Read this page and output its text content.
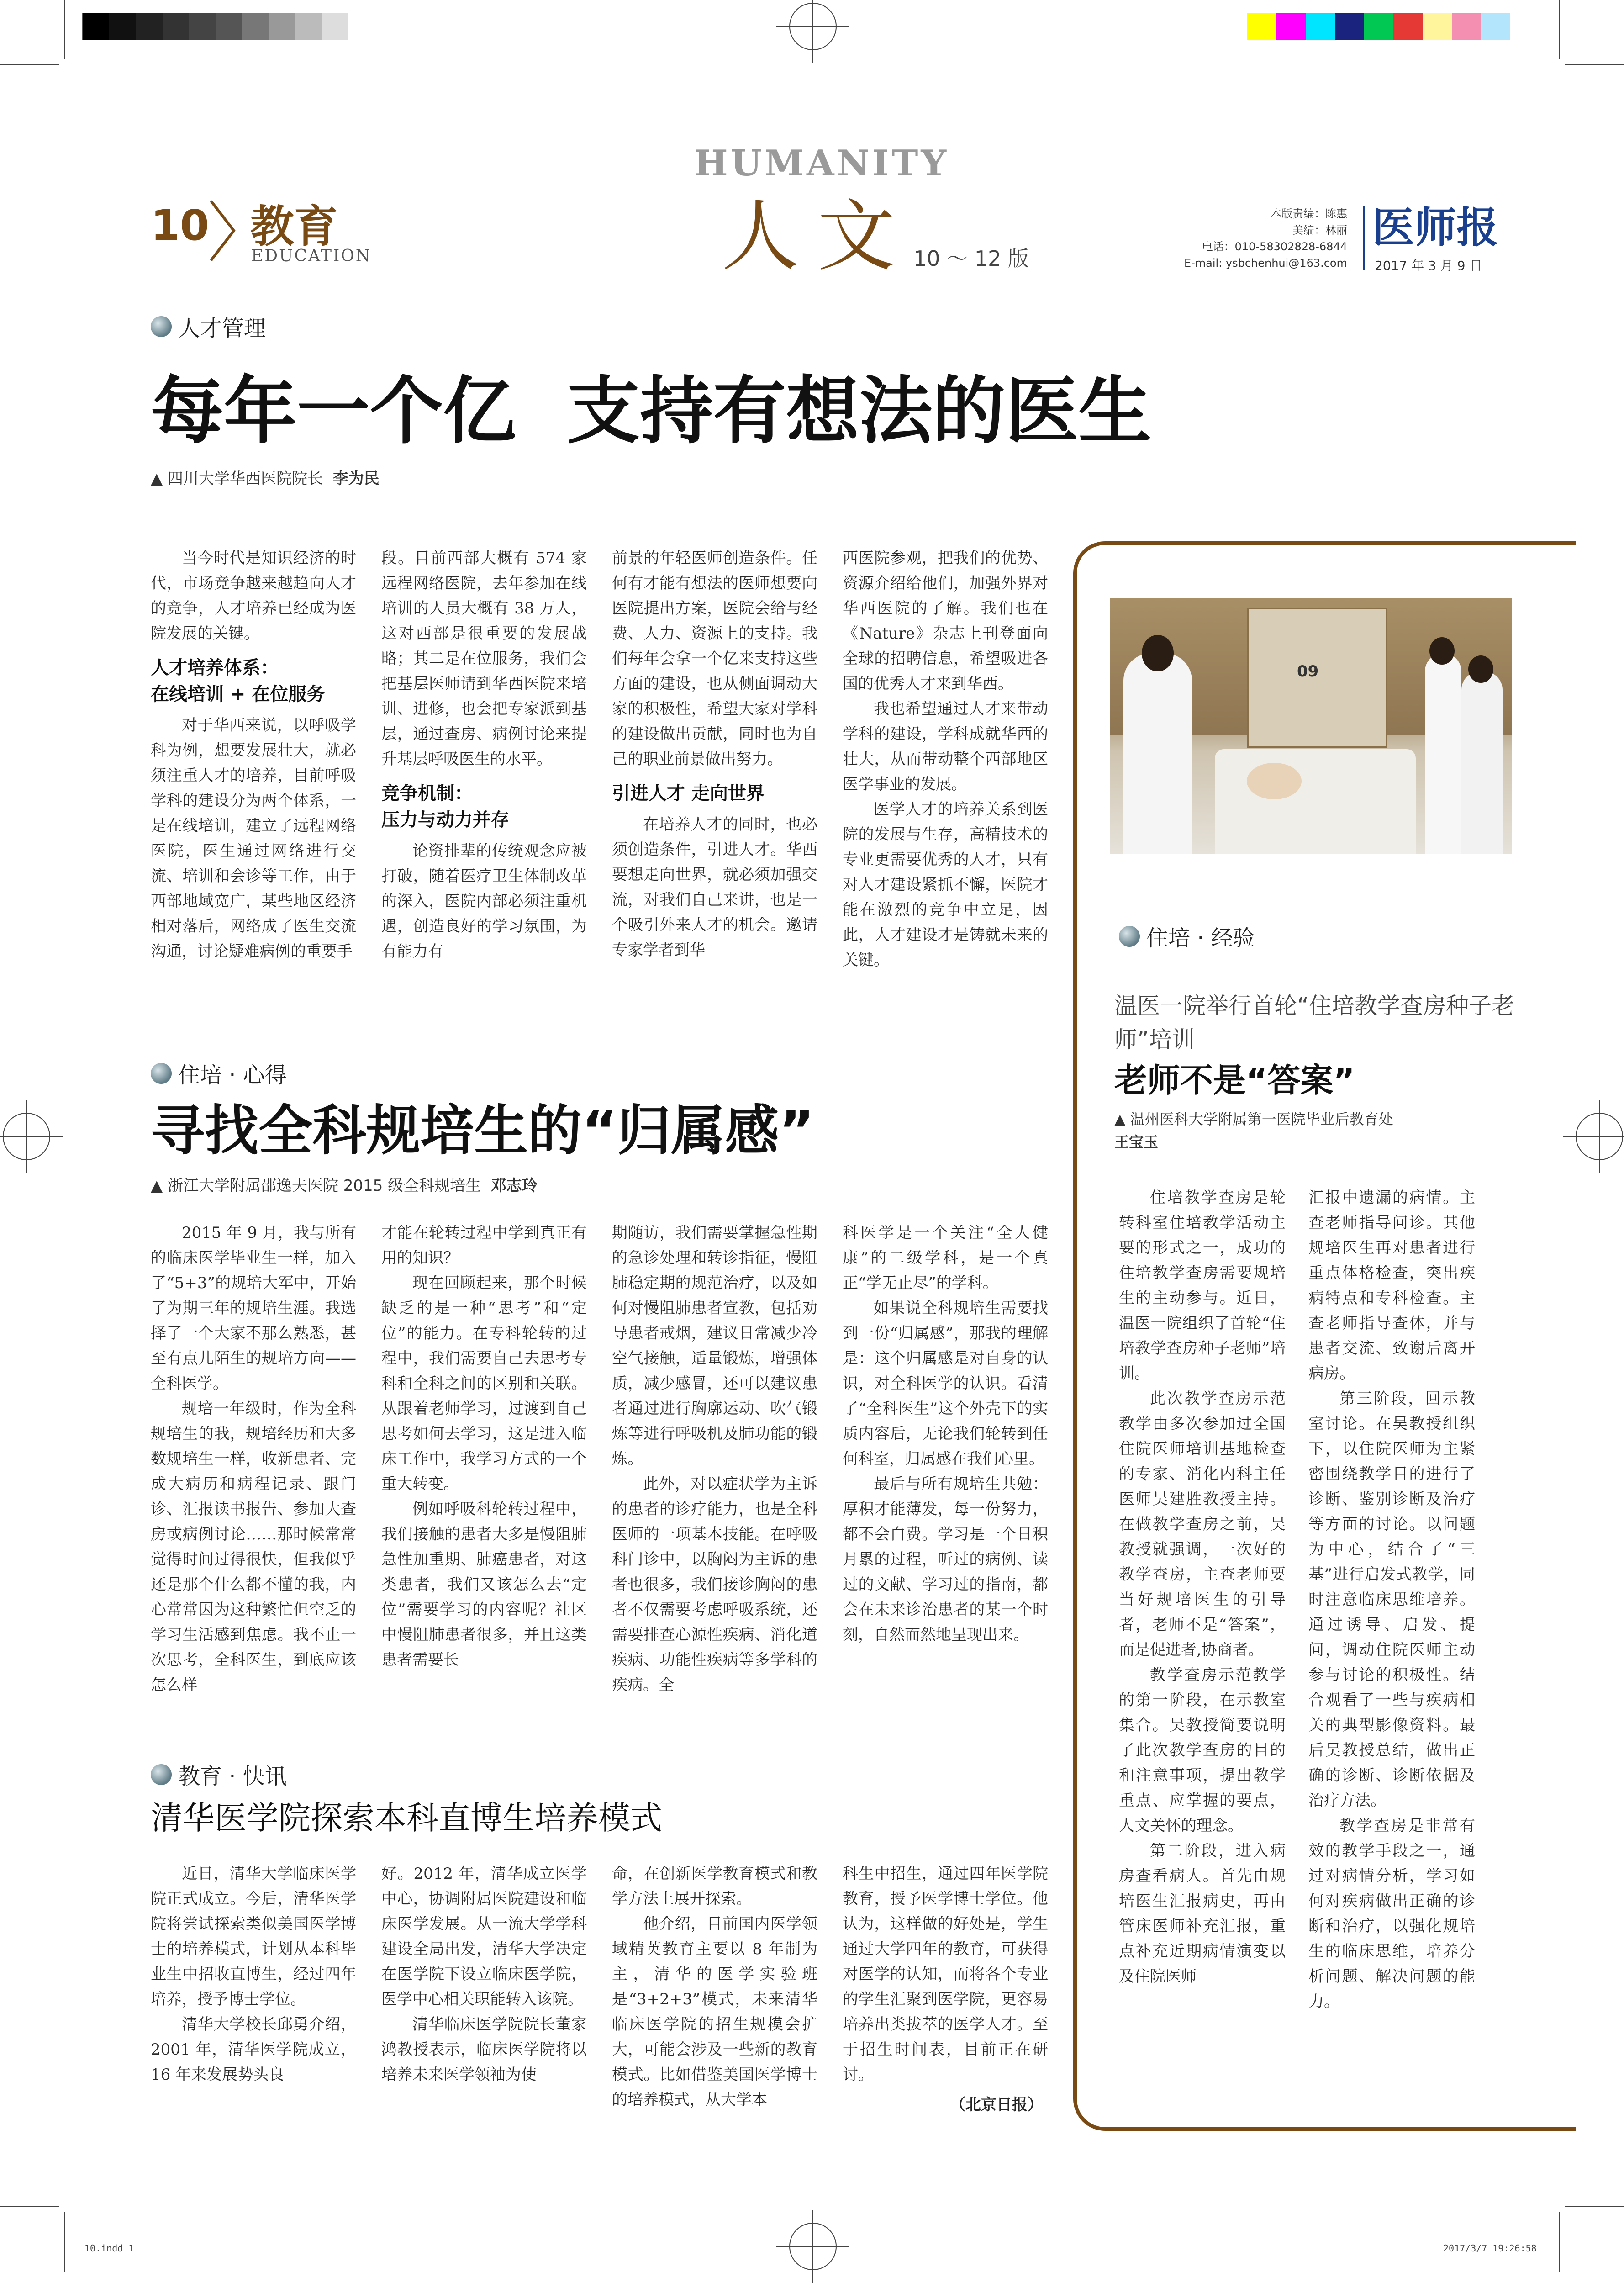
10 教育
EDUCATION
HUMANITY
人文 10 ～ 12 版
本版责编：陈惠
美编：林丽
电话：010-58302828-6844
E-mail: ysbchenhui@163.com
医师报
2017 年 3 月 9 日
人才管理
每年一个亿  支持有想法的医生
▲ 四川大学华西医院院长 李为民

当今时代是知识经济的时代，市场竞争越来越趋向人才的竞争，人才培养已经成为医院发展的关键。

人才培养体系：
在线培训 + 在位服务

对于华西来说，以呼吸学科为例，想要发展壮大，就必须注重人才的培养，目前呼吸学科的建设分为两个体系，一是在线培训，建立了远程网络医院，医生通过网络进行交流、培训和会诊等工作，由于西部地域宽广，某些地区经济相对落后，网络成了医生交流沟通，讨论疑难病例的重要手

段。目前西部大概有 574 家远程网络医院，去年参加在线培训的人员大概有 38 万人，这对西部是很重要的发展战略；其二是在位服务，我们会把基层医师请到华西医院来培训、进修，也会把专家派到基层，通过查房、病例讨论来提升基层呼吸医生的水平。

竞争机制：
压力与动力并存

论资排辈的传统观念应被打破，随着医疗卫生体制改革的深入，医院内部必须注重机遇，创造良好的学习氛围，为有能力有

前景的年轻医师创造条件。任何有才能有想法的医师想要向医院提出方案，医院会给与经费、人力、资源上的支持。我们每年会拿一个亿来支持这些方面的建设，也从侧面调动大家的积极性，希望大家对学科的建设做出贡献，同时也为自己的职业前景做出努力。

引进人才 走向世界

在培养人才的同时，也必须创造条件，引进人才。华西要想走向世界，就必须加强交流，对我们自己来讲，也是一个吸引外来人才的机会。邀请专家学者到华

西医院参观，把我们的优势、资源介绍给他们，加强外界对华西医院的了解。我们也在《Nature》杂志上刊登面向全球的招聘信息，希望吸进各国的优秀人才来到华西。

我也希望通过人才来带动学科的建设，学科成就华西的壮大，从而带动整个西部地区医学事业的发展。

医学人才的培养关系到医院的发展与生存，高精技术的专业更需要优秀的人才，只有对人才建设紧抓不懈，医院才能在激烈的竞争中立足，因此，人才建设才是铸就未来的关键。

住培 · 心得
寻找全科规培生的“归属感”
▲ 浙江大学附属邵逸夫医院 2015 级全科规培生 邓志玲

2015 年 9 月，我与所有的临床医学毕业生一样，加入了“5+3”的规培大军中，开始了为期三年的规培生涯。我选择了一个大家不那么熟悉，甚至有点儿陌生的规培方向——全科医学。

规培一年级时，作为全科规培生的我，规培经历和大多数规培生一样，收新患者、完成大病历和病程记录、跟门诊、汇报读书报告、参加大查房或病例讨论……那时候常常觉得时间过得很快，但我似乎还是那个什么都不懂的我，内心常常因为这种繁忙但空乏的学习生活感到焦虑。我不止一次思考，全科医生，到底应该怎么样

才能在轮转过程中学到真正有用的知识？

现在回顾起来，那个时候缺乏的是一种“思考”和“定位”的能力。在专科轮转的过程中，我们需要自己去思考专科和全科之间的区别和关联。从跟着老师学习，过渡到自己思考如何去学习，这是进入临床工作中，我学习方式的一个重大转变。

例如呼吸科轮转过程中，我们接触的患者大多是慢阻肺急性加重期、肺癌患者，对这类患者，我们又该怎么去“定位”需要学习的内容呢？社区中慢阻肺患者很多，并且这类患者需要长

期随访，我们需要掌握急性期的急诊处理和转诊指征，慢阻肺稳定期的规范治疗，以及如何对慢阻肺患者宣教，包括劝导患者戒烟，建议日常减少冷空气接触，适量锻炼，增强体质，减少感冒，还可以建议患者通过进行胸廓运动、吹气锻炼等进行呼吸机及肺功能的锻炼。

此外，对以症状学为主诉的患者的诊疗能力，也是全科医师的一项基本技能。在呼吸科门诊中，以胸闷为主诉的患者也很多，我们接诊胸闷的患者不仅需要考虑呼吸系统，还需要排查心源性疾病、消化道疾病、功能性疾病等多学科的疾病。全

科医学是一个关注“全人健康”的二级学科，是一个真正“学无止尽”的学科。

如果说全科规培生需要找到一份“归属感”，那我的理解是：这个归属感是对自身的认识，对全科医学的认识。看清了“全科医生”这个外壳下的实质内容后，无论我们轮转到任何科室，归属感在我们心里。

最后与所有规培生共勉：厚积才能薄发，每一份努力，都不会白费。学习是一个日积月累的过程，听过的病例、读过的文献、学习过的指南，都会在未来诊治患者的某一个时刻，自然而然地呈现出来。

教育 · 快讯
清华医学院探索本科直博生培养模式

近日，清华大学临床医学院正式成立。今后，清华医学院将尝试探索类似美国医学博士的培养模式，计划从本科毕业生中招收直博生，经过四年培养，授予博士学位。

清华大学校长邱勇介绍，2001 年，清华医学院成立，16 年来发展势头良

好。2012 年，清华成立医学中心，协调附属医院建设和临床医学发展。从一流大学学科建设全局出发，清华大学决定在医学院下设立临床医学院，医学中心相关职能转入该院。

清华临床医学院院长董家鸿教授表示，临床医学院将以培养未来医学领袖为使

命，在创新医学教育模式和教学方法上展开探索。

他介绍，目前国内医学领域精英教育主要以 8 年制为主，清华的医学实验班是“3+2+3”模式，未来清华临床医学院的招生规模会扩大，可能会涉及一些新的教育模式。比如借鉴美国医学博士的培养模式，从大学本

科生中招生，通过四年医学院教育，授予医学博士学位。他认为，这样做的好处是，学生通过大学四年的教育，可获得对医学的认知，而将各个专业的学生汇聚到医学院，更容易培养出类拔萃的医学人才。至于招生时间表，目前正在研讨。

（北京日报）
09
住培 · 经验
温医一院举行首轮“住培教学查房种子老师”培训
老师不是“答案”
▲ 温州医科大学附属第一医院毕业后教育处
王宝玉

住培教学查房是轮转科室住培教学活动主要的形式之一，成功的住培教学查房需要规培生的主动参与。近日，温医一院组织了首轮“住培教学查房种子老师”培训。

此次教学查房示范教学由多次参加过全国住院医师培训基地检查的专家、消化内科主任医师吴建胜教授主持。在做教学查房之前，吴教授就强调，一次好的教学查房，主查老师要当好规培医生的引导者，老师不是“答案”，而是促进者,协商者。

教学查房示范教学的第一阶段，在示教室集合。吴教授简要说明了此次教学查房的目的和注意事项，提出教学重点、应掌握的要点，人文关怀的理念。

第二阶段，进入病房查看病人。首先由规培医生汇报病史，再由管床医师补充汇报，重点补充近期病情演变以及住院医师

汇报中遗漏的病情。主查老师指导问诊。其他规培医生再对患者进行重点体格检查，突出疾病特点和专科检查。主查老师指导查体，并与患者交流、致谢后离开病房。

第三阶段，回示教室讨论。在吴教授组织下，以住院医师为主紧密围绕教学目的进行了诊断、鉴别诊断及治疗等方面的讨论。以问题为中心，结合了“三基”进行启发式教学，同时注意临床思维培养。通过诱导、启发、提问，调动住院医师主动参与讨论的积极性。结合观看了一些与疾病相关的典型影像资料。最后吴教授总结，做出正确的诊断、诊断依据及治疗方法。

教学查房是非常有效的教学手段之一，通过对病情分析，学习如何对疾病做出正确的诊断和治疗，以强化规培生的临床思维，培养分析问题、解决问题的能力。

10.indd 1	2017/3/7 19:26:58
